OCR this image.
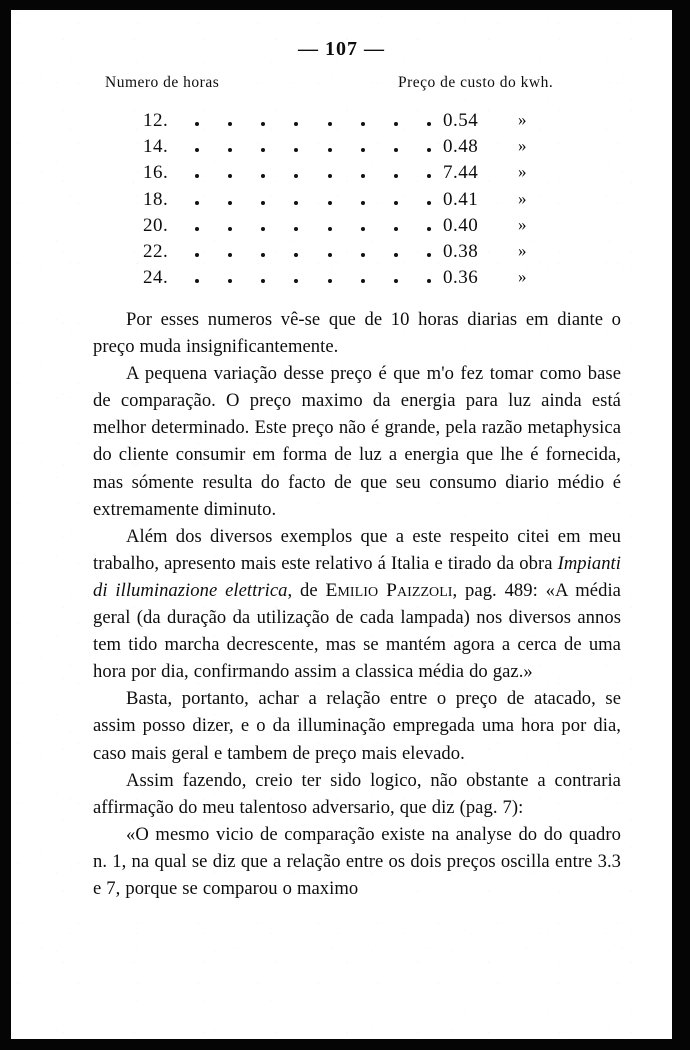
— 107 —
Numero de horas	Preço de custo do kwh.
12.	0.54	»
14.	0.48	»
16.	7.44	»
18.	0.41	»
20.	0.40	»
22.	0.38	»
24.	0.36	»

Por esses numeros vê-se que de 10 horas diarias em diante o preço muda insignificantemente.

A pequena variação desse preço é que m'o fez tomar como base de comparação. O preço maximo da energia para luz ainda está melhor determinado. Este preço não é grande, pela razão metaphysica do cliente consumir em forma de luz a energia que lhe é fornecida, mas sómente resulta do facto de que seu consumo diario médio é extremamente diminuto.

Além dos diversos exemplos que a este respeito citei em meu trabalho, apresento mais este relativo á Italia e tirado da obra Impianti di illuminazione elettrica, de Emilio Paizzoli, pag. 489: «A média geral (da duração da utilização de cada lampada) nos diversos annos tem tido marcha decrescente, mas se mantém agora a cerca de uma hora por dia, confirmando assim a classica média do gaz.»

Basta, portanto, achar a relação entre o preço de atacado, se assim posso dizer, e o da illuminação empregada uma hora por dia, caso mais geral e tambem de preço mais elevado.

Assim fazendo, creio ter sido logico, não obstante a contraria affirmação do meu talentoso adversario, que diz (pag. 7):

«O mesmo vicio de comparação existe na analyse do do quadro n. 1, na qual se diz que a relação entre os dois preços oscilla entre 3.3 e 7, porque se comparou o maximo
